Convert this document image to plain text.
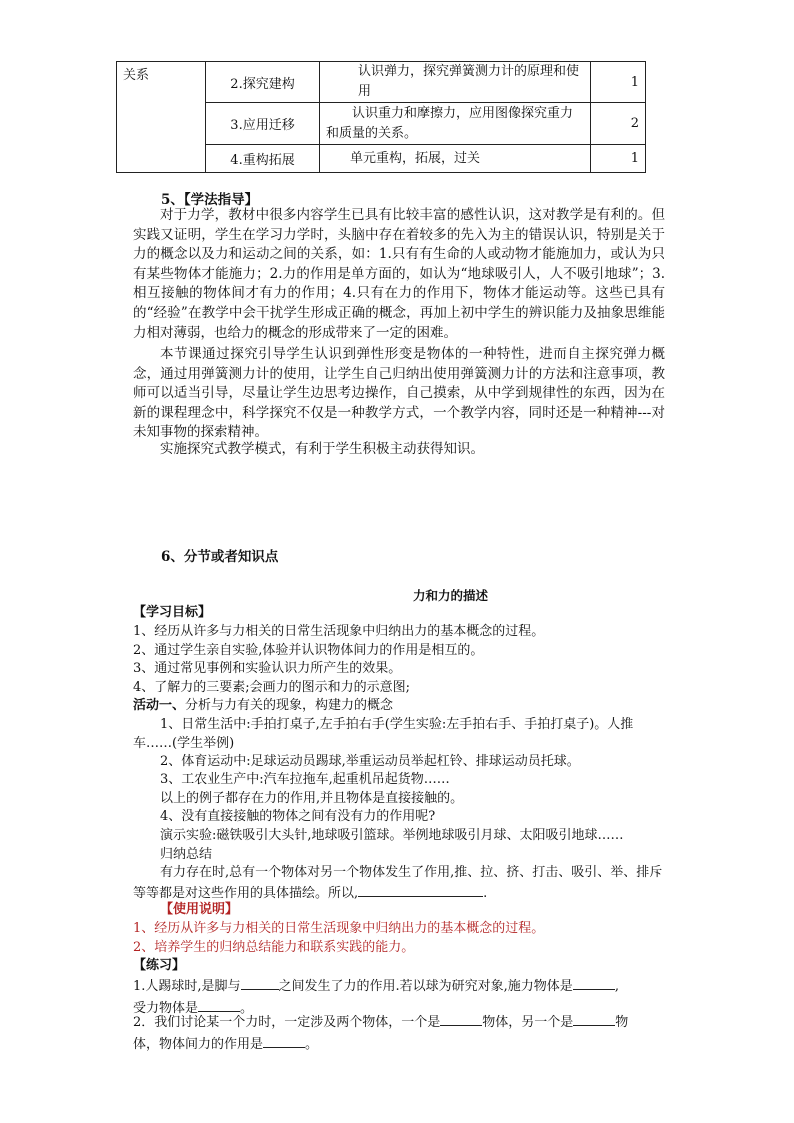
关系	2.探究建构	认识弹力，探究弹簧测力计的原理和使用	1
	3.应用迁移	认识重力和摩擦力，应用图像探究重力和质量的关系。	2
	4.重构拓展	单元重构，拓展，过关	1
5、【学法指导】

对于力学，教材中很多内容学生已具有比较丰富的感性认识，这对教学是有利的。但实践又证明，学生在学习力学时，头脑中存在着较多的先入为主的错误认识，特别是关于力的概念以及力和运动之间的关系，如：1.只有有生命的人或动物才能施加力，或认为只有某些物体才能施力；2.力的作用是单方面的，如认为“地球吸引人，人不吸引地球”；3.相互接触的物体间才有力的作用；4.只有在力的作用下，物体才能运动等。这些已具有的“经验”在教学中会干扰学生形成正确的概念，再加上初中学生的辨识能力及抽象思维能力相对薄弱，也给力的概念的形成带来了一定的困难。

本节课通过探究引导学生认识到弹性形变是物体的一种特性，进而自主探究弹力概念，通过用弹簧测力计的使用，让学生自己归纳出使用弹簧测力计的方法和注意事项，教师可以适当引导，尽量让学生边思考边操作，自己摸索，从中学到规律性的东西，因为在新的课程理念中，科学探究不仅是一种教学方式，一个教学内容，同时还是一种精神---对未知事物的探索精神。

实施探究式教学模式，有利于学生积极主动获得知识。

6、分节或者知识点
力和力的描述
【学习目标】
1、经历从许多与力相关的日常生活现象中归纳出力的基本概念的过程。
2、通过学生亲自实验,体验并认识物体间力的作用是相互的。
3、通过常见事例和实验认识力所产生的效果。
4、了解力的三要素;会画力的图示和力的示意图;
活动一、分析与力有关的现象，构建力的概念
1、日常生活中:手拍打桌子,左手拍右手(学生实验:左手拍右手、手拍打桌子)。人推车……(学生举例)
2、体育运动中:足球运动员踢球,举重运动员举起杠铃、排球运动员托球。
3、工农业生产中:汽车拉拖车,起重机吊起货物……
以上的例子都存在力的作用,并且物体是直接接触的。
4、没有直接接触的物体之间有没有力的作用呢?
演示实验:磁铁吸引大头针,地球吸引篮球。举例地球吸引月球、太阳吸引地球……
归纳总结
有力存在时,总有一个物体对另一个物体发生了作用,推、拉、挤、打击、吸引、举、排斥等等都是对这些作用的具体描绘。所以,	.
【使用说明】
1、经历从许多与力相关的日常生活现象中归纳出力的基本概念的过程。
2、培养学生的归纳总结能力和联系实践的能力。
【练习】
1.人踢球时,是脚与	之间发生了力的作用.若以球为研究对象,施力物体是	,
受力物体是	。
2．我们讨论某一个力时，一定涉及两个物体，一个是	物体，另一个是	物
体，物体间力的作用是	。
